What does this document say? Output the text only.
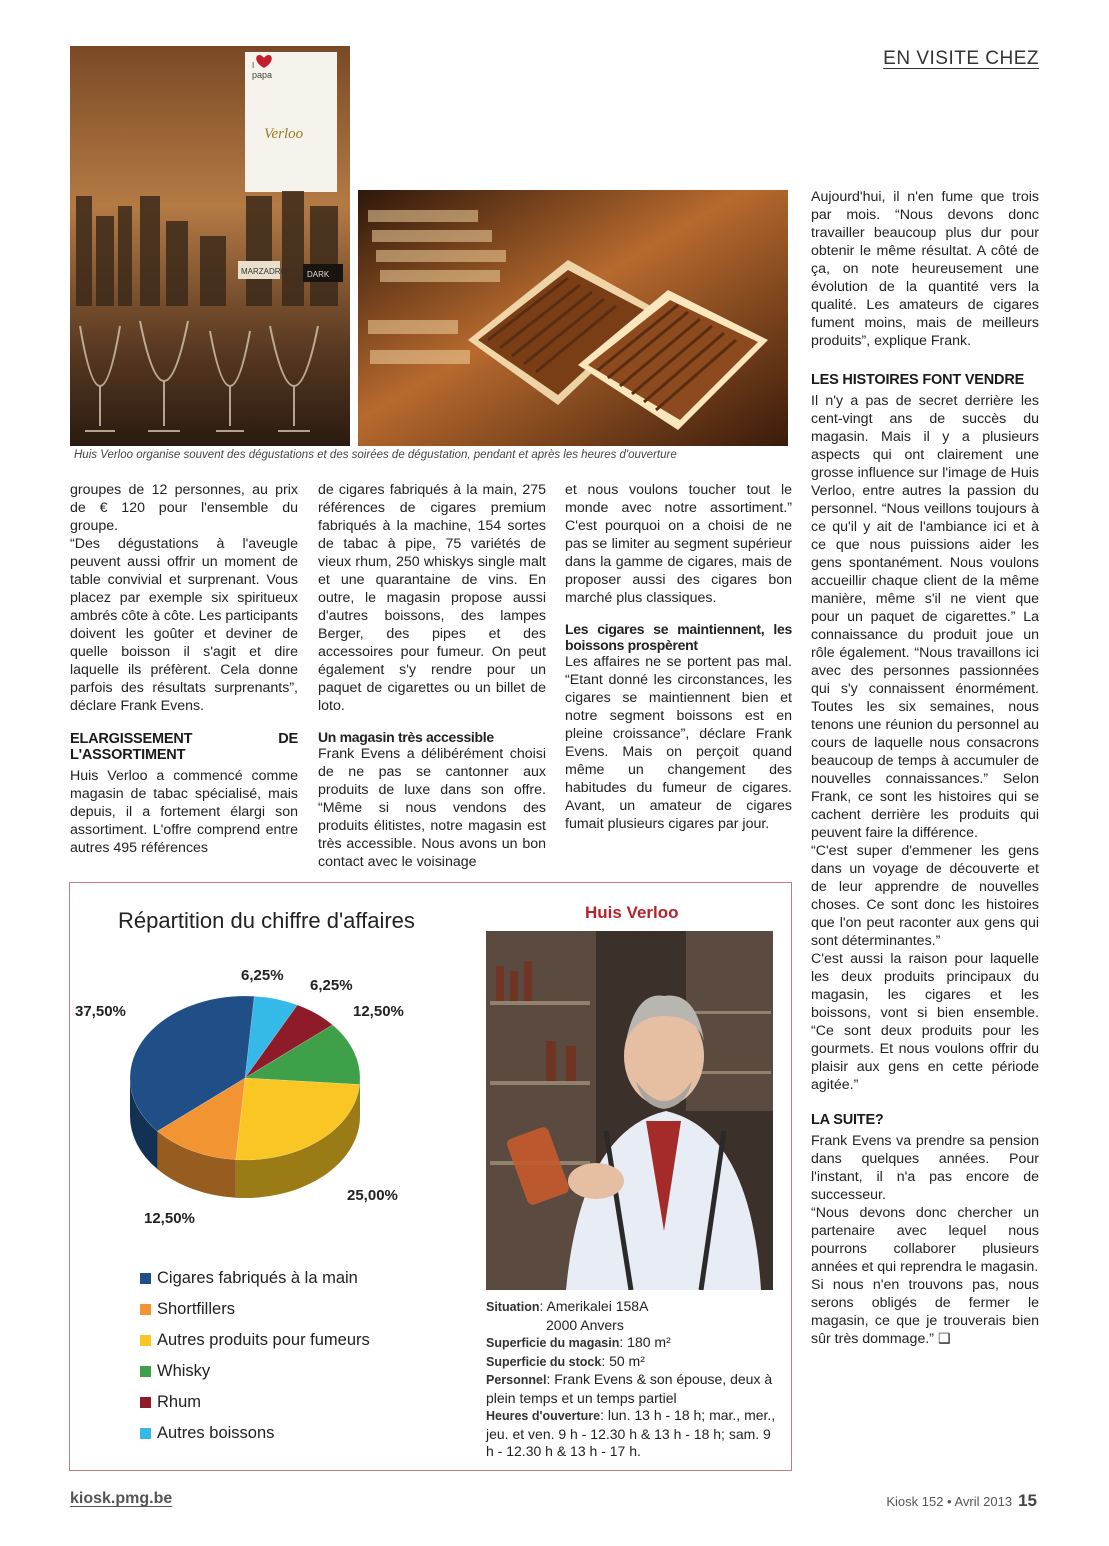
EN VISITE CHEZ
I
papa
Verloo
MARZADRO	DARK
Huis Verloo organise souvent des dégustations et des soirées de dégustation, pendant et après les heures d'ouverture

groupes de 12 personnes, au prix de € 120 pour l'ensemble du groupe.

“Des dégustations à l'aveugle peuvent aussi offrir un moment de table convivial et surprenant. Vous placez par exemple six spiritueux ambrés côte à côte. Les participants doivent les goûter et deviner de quelle boisson il s'agit et dire laquelle ils préfèrent. Cela donne parfois des résultats surprenants”, déclare Frank Evens.

ELARGISSEMENT DE L'ASSORTIMENT

Huis Verloo a commencé comme magasin de tabac spécialisé, mais depuis, il a fortement élargi son assortiment. L'offre comprend entre autres 495 références

de cigares fabriqués à la main, 275 références de cigares premium fabriqués à la machine, 154 sortes de tabac à pipe, 75 variétés de vieux rhum, 250 whiskys single malt et une quarantaine de vins. En outre, le magasin propose aussi d'autres boissons, des lampes Berger, des pipes et des accessoires pour fumeur. On peut également s'y rendre pour un paquet de cigarettes ou un billet de loto.

Un magasin très accessible

Frank Evens a délibérément choisi de ne pas se cantonner aux produits de luxe dans son offre. “Même si nous vendons des produits élitistes, notre magasin est très accessible. Nous avons un bon contact avec le voisinage

et nous voulons toucher tout le monde avec notre assortiment.” C'est pourquoi on a choisi de ne pas se limiter au segment supérieur dans la gamme de cigares, mais de proposer aussi des cigares bon marché plus classiques.

Les cigares se maintiennent, les boissons prospèrent

Les affaires ne se portent pas mal. “Etant donné les circonstances, les cigares se maintiennent bien et notre segment boissons est en pleine croissance”, déclare Frank Evens. Mais on perçoit quand même un changement des habitudes du fumeur de cigares. Avant, un amateur de cigares fumait plusieurs cigares par jour.

Aujourd'hui, il n'en fume que trois par mois. “Nous devons donc travailler beaucoup plus dur pour obtenir le même résultat. A côté de ça, on note heureusement une évolution de la quantité vers la qualité. Les amateurs de cigares fument moins, mais de meilleurs produits”, explique Frank.

LES HISTOIRES FONT VENDRE

Il n'y a pas de secret derrière les cent-vingt ans de succès du magasin. Mais il y a plusieurs aspects qui ont clairement une grosse influence sur l'image de Huis Verloo, entre autres la passion du personnel. “Nous veillons toujours à ce qu'il y ait de l'ambiance ici et à ce que nous puissions aider les gens spontanément. Nous voulons accueillir chaque client de la même manière, même s'il ne vient que pour un paquet de cigarettes.” La connaissance du produit joue un rôle également. “Nous travaillons ici avec des personnes passionnées qui s'y connaissent énormément. Toutes les six semaines, nous tenons une réunion du personnel au cours de laquelle nous consacrons beaucoup de temps à accumuler de nouvelles connaissances.” Selon Frank, ce sont les histoires qui se cachent derrière les produits qui peuvent faire la différence.

“C'est super d'emmener les gens dans un voyage de découverte et de leur apprendre de nouvelles choses. Ce sont donc les histoires que l'on peut raconter aux gens qui sont déterminantes.”

C'est aussi la raison pour laquelle les deux produits principaux du magasin, les cigares et les boissons, vont si bien ensemble. “Ce sont deux produits pour les gourmets. Et nous voulons offrir du plaisir aux gens en cette période agitée.”

LA SUITE?

Frank Evens va prendre sa pension dans quelques années. Pour l'instant, il n'a pas encore de successeur.

“Nous devons donc chercher un partenaire avec lequel nous pourrons collaborer plusieurs années et qui reprendra le magasin.

Si nous n'en trouvons pas, nous serons obligés de fermer le magasin, ce que je trouverais bien sûr très dommage.” ❑

Répartition du chiffre d'affaires
6,25%
6,25%
12,50%
37,50%
25,00%
12,50%
Cigares fabriqués à la main
Shortfillers
Autres produits pour fumeurs
Whisky
Rhum
Autres boissons
Huis Verloo
Situation: Amerikalei 158A
2000 Anvers
Superficie du magasin: 180 m²
Superficie du stock: 50 m²
Personnel: Frank Evens & son épouse, deux à plein temps et un temps partiel
Heures d'ouverture: lun. 13 h - 18 h; mar., mer., jeu. et ven. 9 h - 12.30 h & 13 h - 18 h; sam. 9 h - 12.30 h & 13 h - 17 h.
kiosk.pmg.be	Kiosk 152 • Avril 2013 15
